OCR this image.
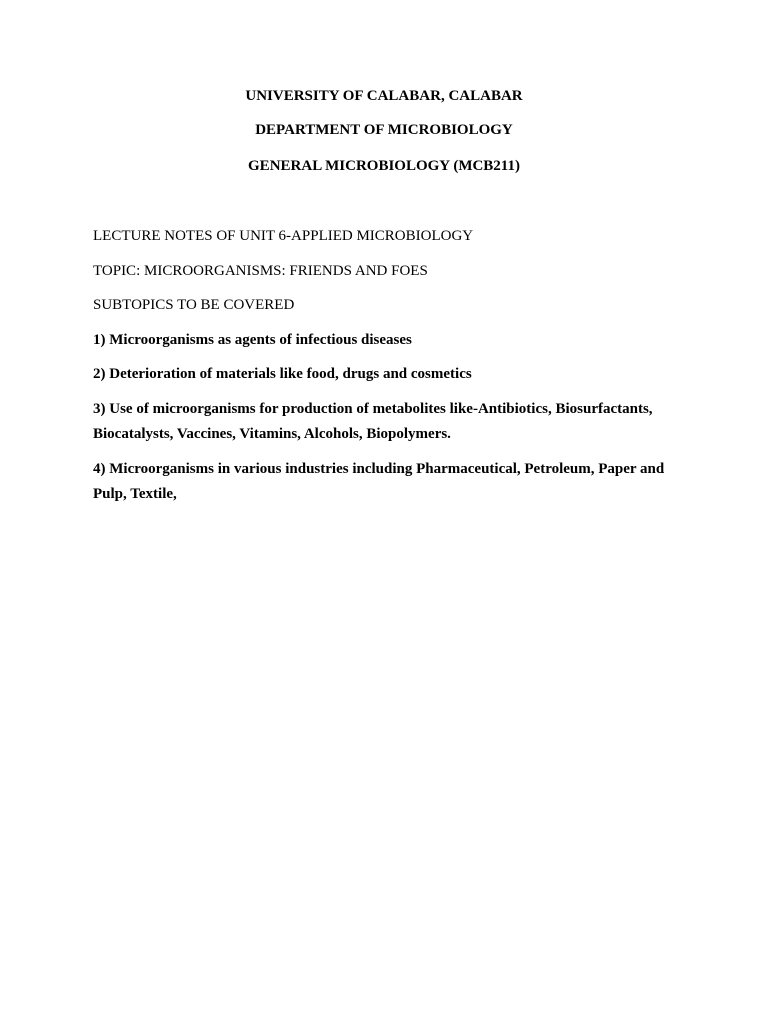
UNIVERSITY OF CALABAR, CALABAR
DEPARTMENT OF MICROBIOLOGY
GENERAL MICROBIOLOGY (MCB211)
LECTURE NOTES OF UNIT 6-APPLIED MICROBIOLOGY
TOPIC: MICROORGANISMS: FRIENDS AND FOES
SUBTOPICS TO BE COVERED
1) Microorganisms as agents of infectious diseases
2) Deterioration of materials like food, drugs and cosmetics
3) Use of microorganisms for production of metabolites like-Antibiotics, Biosurfactants, Biocatalysts, Vaccines, Vitamins, Alcohols, Biopolymers.
4) Microorganisms in various industries including Pharmaceutical, Petroleum, Paper and Pulp, Textile,
